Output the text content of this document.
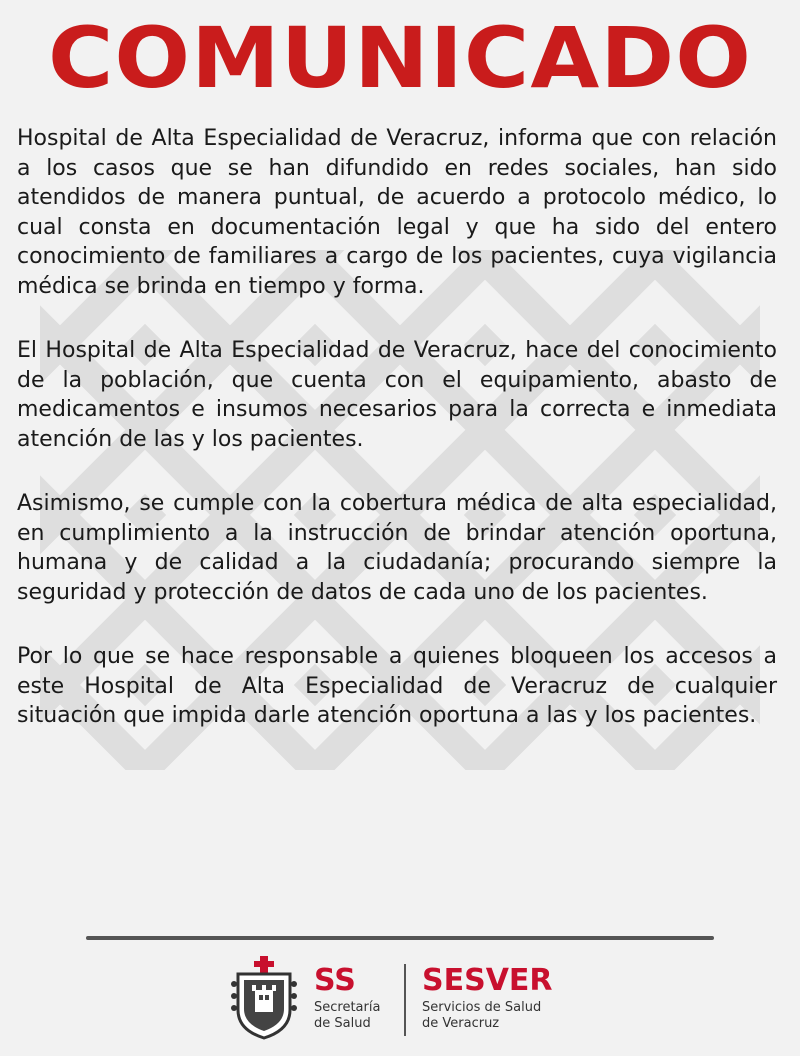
COMUNICADO

Hospital de Alta Especialidad de Veracruz, informa que con relación a los casos que se han difundido en redes sociales, han sido atendidos de manera puntual, de acuerdo a protocolo médico, lo cual consta en documentación legal y que ha sido del entero conocimiento de familiares a cargo de los pacientes, cuya vigilancia médica se brinda en tiempo y forma.

El Hospital de Alta Especialidad de Veracruz, hace del conocimiento de la población, que cuenta con el equipamiento, abasto de medicamentos e insumos necesarios para la correcta e inmediata atención de las y los pacientes.

Asimismo, se cumple con la cobertura médica de alta especialidad, en cumplimiento a la instrucción de brindar atención oportuna, humana y de calidad a la ciudadanía; procurando siempre la seguridad y protección de datos de cada uno de los pacientes.

Por lo que se hace responsable a quienes bloqueen los accesos a este Hospital de Alta Especialidad de Veracruz de cualquier situación que impida darle atención oportuna a las y los pacientes.

SS
Secretaría
de Salud
SESVER
Servicios de Salud
de Veracruz
